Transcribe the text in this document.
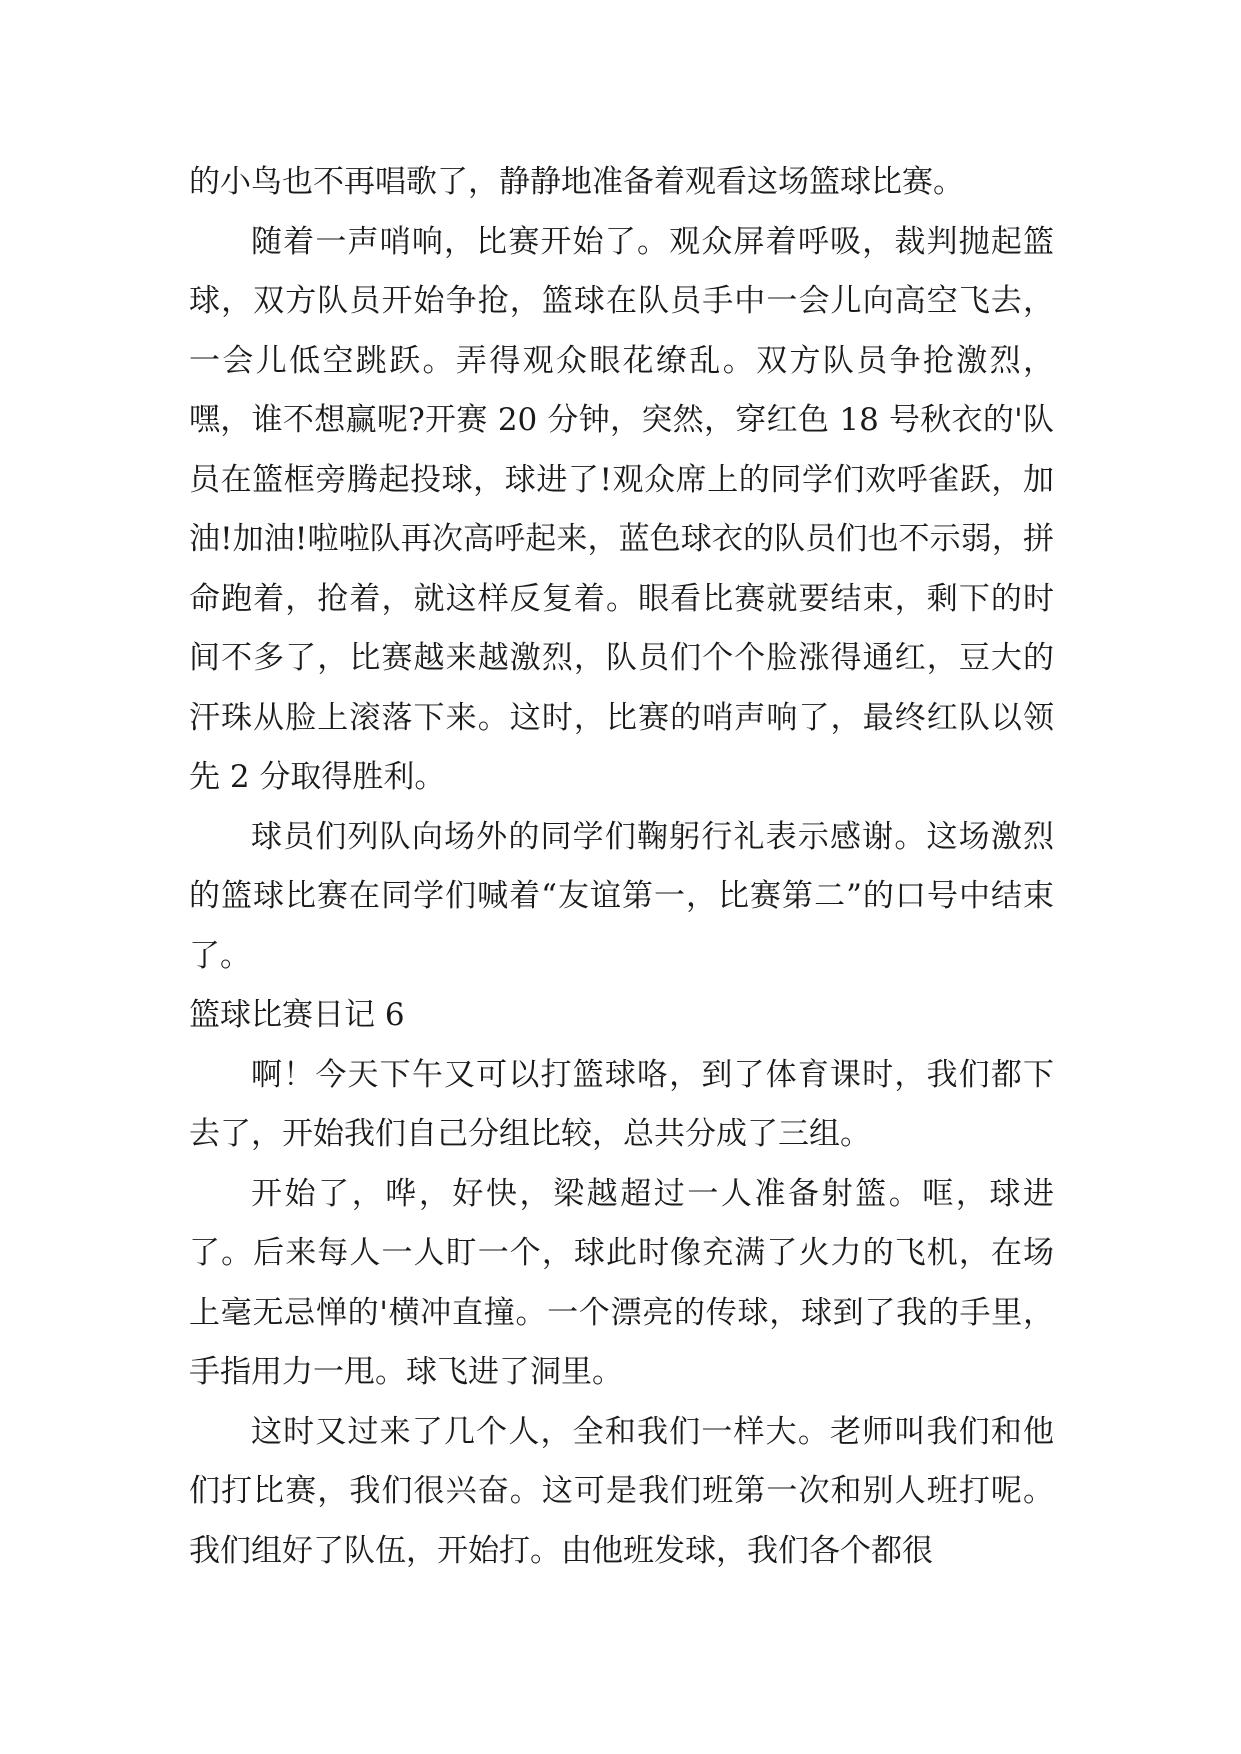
的小鸟也不再唱歌了，静静地准备着观看这场篮球比赛。

随着一声哨响，比赛开始了。观众屏着呼吸，裁判抛起篮球，双方队员开始争抢，篮球在队员手中一会儿向高空飞去，一会儿低空跳跃。弄得观众眼花缭乱。双方队员争抢激烈，嘿，谁不想赢呢?开赛 20 分钟，突然，穿红色 18 号秋衣的'队员在篮框旁腾起投球，球进了!观众席上的同学们欢呼雀跃，加油!加油!啦啦队再次高呼起来，蓝色球衣的队员们也不示弱，拼命跑着，抢着，就这样反复着。眼看比赛就要结束，剩下的时间不多了，比赛越来越激烈，队员们个个脸涨得通红，豆大的汗珠从脸上滚落下来。这时，比赛的哨声响了，最终红队以领先 2 分取得胜利。

球员们列队向场外的同学们鞠躬行礼表示感谢。这场激烈的篮球比赛在同学们喊着“友谊第一，比赛第二”的口号中结束了。

篮球比赛日记 6

啊！今天下午又可以打篮球咯，到了体育课时，我们都下去了，开始我们自己分组比较，总共分成了三组。

开始了，哗，好快，梁越超过一人准备射篮。哐，球进了。后来每人一人盯一个，球此时像充满了火力的飞机，在场上毫无忌惮的'横冲直撞。一个漂亮的传球，球到了我的手里，手指用力一甩。球飞进了洞里。

这时又过来了几个人，全和我们一样大。老师叫我们和他们打比赛，我们很兴奋。这可是我们班第一次和别人班打呢。我们组好了队伍，开始打。由他班发球，我们各个都很
